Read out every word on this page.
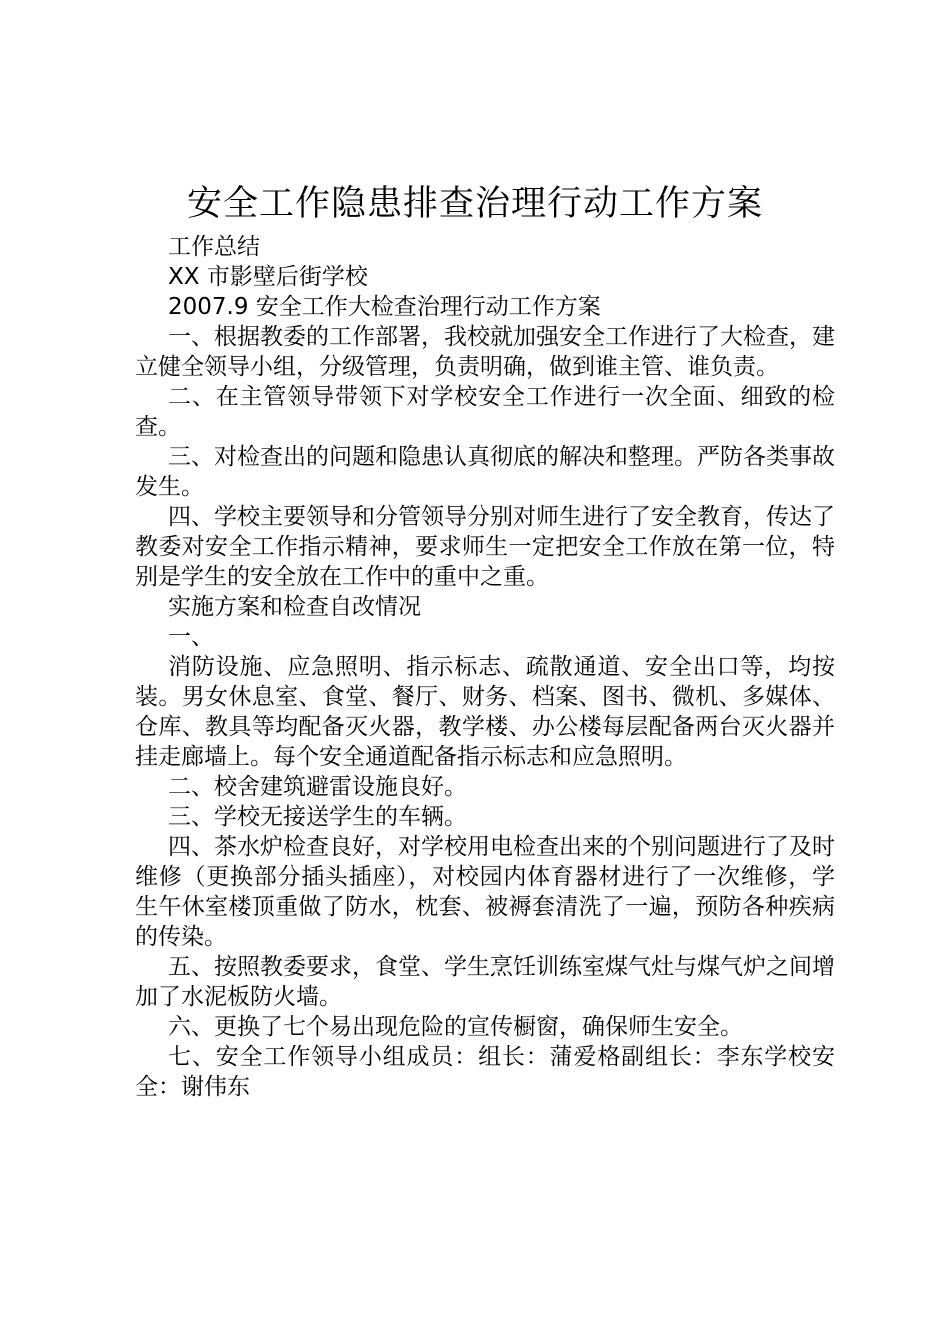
安全工作隐患排查治理行动工作方案

工作总结

XX 市影壁后街学校

2007.9 安全工作大检查治理行动工作方案

一、根据教委的工作部署，我校就加强安全工作进行了大检查，建立健全领导小组，分级管理，负责明确，做到谁主管、谁负责。

二、在主管领导带领下对学校安全工作进行一次全面、细致的检查。

三、对检查出的问题和隐患认真彻底的解决和整理。严防各类事故发生。

四、学校主要领导和分管领导分别对师生进行了安全教育，传达了教委对安全工作指示精神，要求师生一定把安全工作放在第一位，特别是学生的安全放在工作中的重中之重。

实施方案和检查自改情况

一、

消防设施、应急照明、指示标志、疏散通道、安全出口等，均按装。男女休息室、食堂、餐厅、财务、档案、图书、微机、多媒体、仓库、教具等均配备灭火器，教学楼、办公楼每层配备两台灭火器并挂走廊墙上。每个安全通道配备指示标志和应急照明。

二、校舍建筑避雷设施良好。

三、学校无接送学生的车辆。

四、茶水炉检查良好，对学校用电检查出来的个别问题进行了及时维修（更换部分插头插座），对校园内体育器材进行了一次维修，学生午休室楼顶重做了防水，枕套、被褥套清洗了一遍，预防各种疾病的传染。

五、按照教委要求，食堂、学生烹饪训练室煤气灶与煤气炉之间增加了水泥板防火墙。

六、更换了七个易出现危险的宣传橱窗，确保师生安全。

七、安全工作领导小组成员：组长：蒲爱格副组长：李东学校安全：谢伟东
